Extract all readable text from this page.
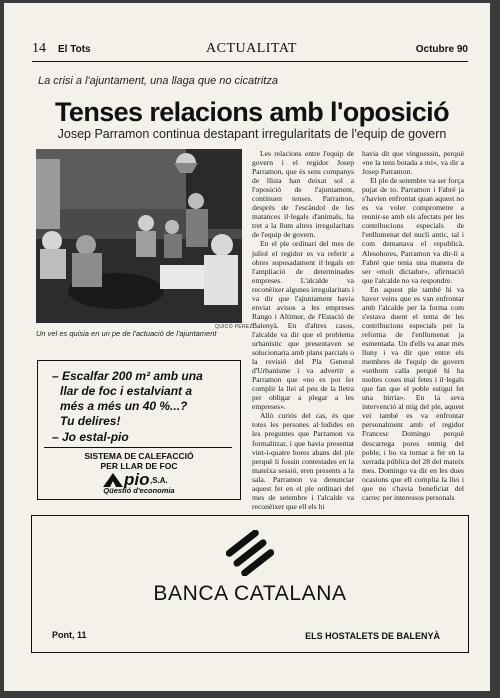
14 El Tots	ACTUALITAT	Octubre 90
La crisi a l'ajuntament, una llaga que no cicatritza
Tenses relacions amb l'oposició
Josep Parramon continua destapant irregularitats de l'equip de govern
QUICO PEREZ
Un vel es quisia en un pe de l'actuació de l'ajuntament

Les relacions entre l'equip de govern i el regidor Josep Parramon, que és sens companys de llista han deixat sol a l'oposició de l'ajuntament, continuen tenses. Parramon, després de l'escàndol de les matances il·legals d'animals, ha tret a la llum altres irregularitats de l'equip de govern.

En el ple ordinari del mes de juliol el regidor es va referir a obres suposadament il·legals en l'ampliació de determinades empreses. L'alcalde va reconèixer algunes irregularitats i va dir que l'ajuntament havia enviat avisos a les empreses Rango i Altimur, de l'Estació de Balenyà. En d'altres casos, l'alcalde va dir que el problema urbanístic que presentaven se solucionaria amb plans parcials o la revisió del Pla General d'Urbanisme i va advertir a Parramon que «no es pot fer complir la llei al peu de la lletra per obligar a plegar a les empreses».

Allò curiós del cas, és que totes les persones al·ludides en les preguntes que Parramon va formalitzar, i que havia presentat vint-i-quatre hores abans del ple perquè li fossin contestades en la mateixa sessió, eren presents a la sala. Parramon va denunciar aquest fet en el ple ordinari del mes de setembre i l'alcalde va reconèixer que ell els hi

havia dit que vinguessin, perquè «ne la tens botada a mi», va dir a Josep Parramon.

El ple de setembre va ser força pujat de to. Parramon i Fabré ja s'havien enfrontat quan aquest no es va voler comprometre a reunir-se amb els afectats per les contribucions especials de l'enllumenat del nucli antic, tal i com demanava el republicà. Alesohores, Parramon va dir-li a Fabré que tenia una manera de ser «molt dictador», afirmació que l'alcalde no va respondre.

En aquest ple també hi va haver veins que es van enfrontar amb l'alcalde per la forma com s'estava duent el tema de les contribucions especials per la reforma de l'enllumenat ja esmentada. Un d'ells va anar més lluny i va dir que entre els membres de l'equip de govern «sothom calla perquè hi ha moltes coses mal fetes i il·legals que fan que el poble estigui fet una birria». En la seva intervenció al mig del ple, aquest veí també es va enfrontar personalment amb el regidor Francesc Domingo perquè descarrega pores enmig del poble, i ho va tornar a fer en la xerrada pública del 28 del mateix mes. Domingo va dir en les dues ocasions que ell complia la llei i que no s'havia beneficiat del carrec per interessos personals

– Escalfar 200 m² amb una
llar de foc i estalviant a
més a més un 40 %...?
Tu delires!
– Jo estal-pio
SISTEMA DE CALEFACCIÓ
PER LLAR DE FOC
pio ,S.A.
Qüestió d'economia
BANCA CATALANA
Pont, 11	ELS HOSTALETS DE BALENYÀ
